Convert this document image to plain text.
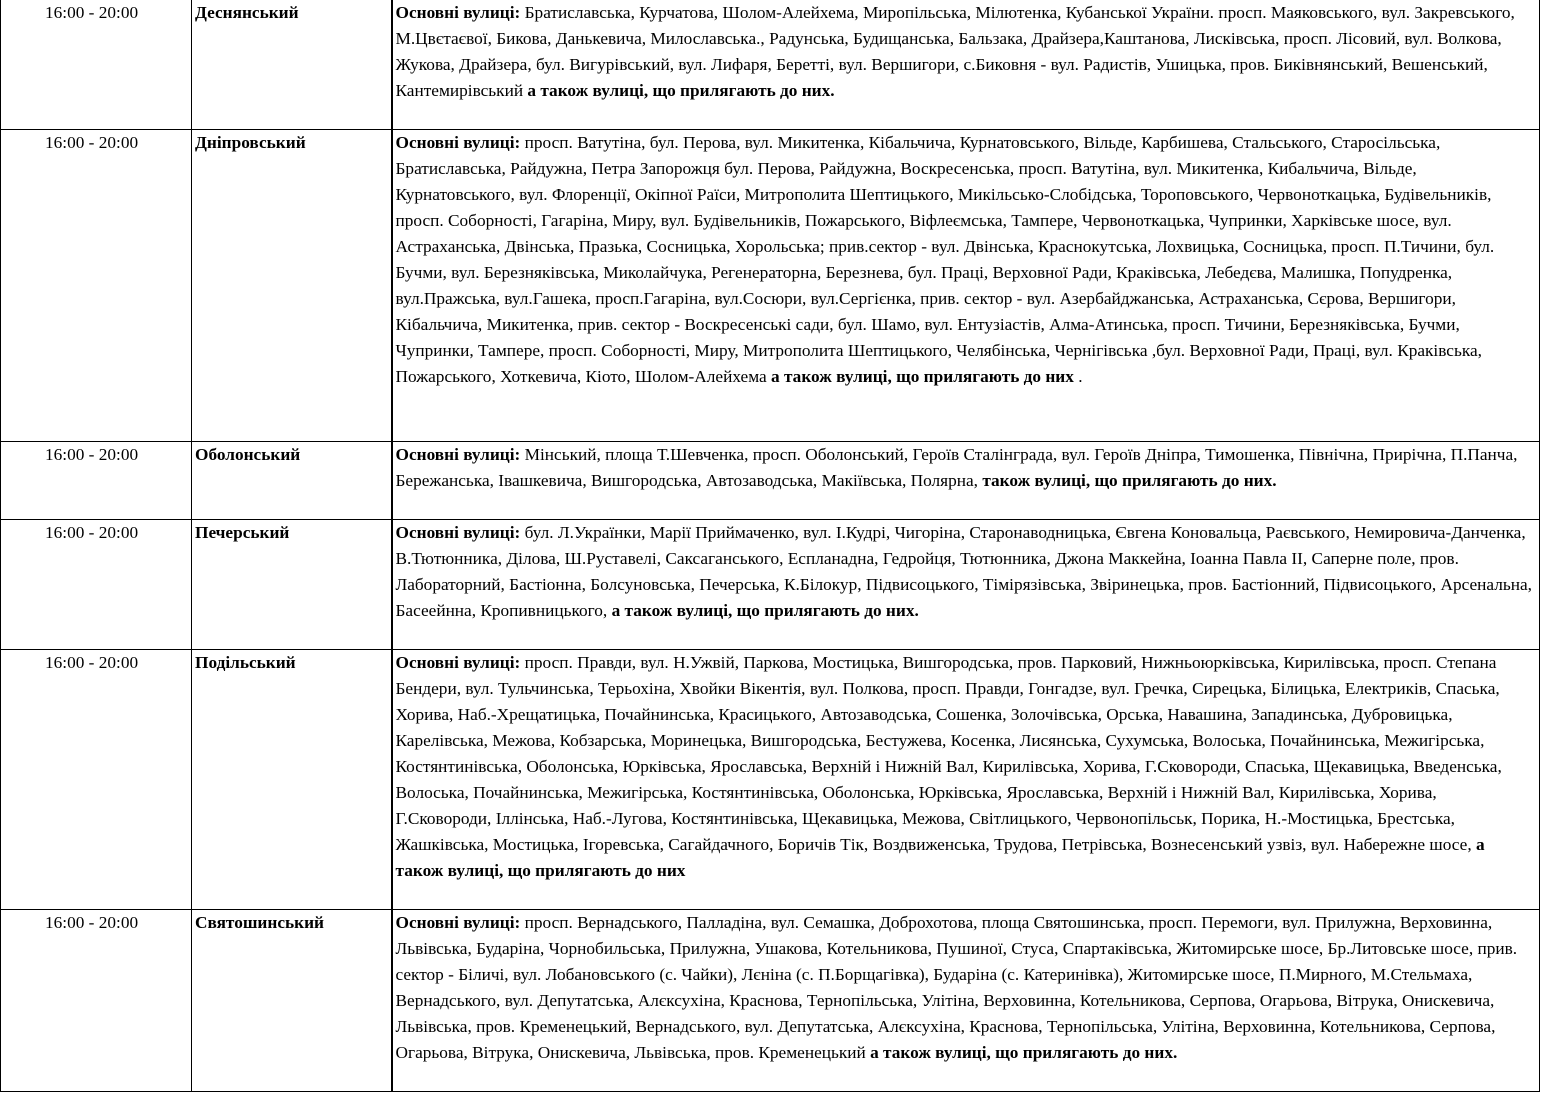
16:00 - 20:00	Деснянський	Основні вулиці: Братиславська, Курчатова, Шолом-Алейхема, Миропільська, Мілютенка, Кубанської України. просп. Маяковського, вул. Закревського, М.Цвєтаєвої, Бикова, Данькевича, Милославська., Радунська, Будищанська, Бальзака, Драйзера,Каштанова, Лисківська, просп. Лісовий, вул. Волкова, Жукова, Драйзера, бул. Вигурівський, вул. Лифаря, Беретті, вул. Вершигори, с.Биковня - вул. Радистів, Ушицька, пров. Биківнянський, Вешенський, Кантемирівський а також вулиці, що прилягають до них.
16:00 - 20:00	Дніпровський	Основні вулиці: просп. Ватутіна, бул. Перова, вул. Микитенка, Кібальчича, Курнатовського, Вільде, Карбишева, Стальського, Старосільська, Братиславська, Райдужна, Петра Запорожця бул. Перова, Райдужна, Воскресенська, просп. Ватутіна, вул. Микитенка, Кибальчича, Вільде, Курнатовського, вул. Флоренції, Окіпної Раїси, Митрополита Шептицького, Микільсько-Слобідська, Тороповського, Червоноткацька, Будівельників, просп. Соборності, Гагаріна, Миру, вул. Будівельників, Пожарського, Віфлеємська, Тампере, Червоноткацька, Чупринки, Харківське шосе, вул. Астраханська, Двінська, Празька, Сосницька, Хорольська; прив.сектор - вул. Двінська, Краснокутська, Лохвицька, Сосницька, просп. П.Тичини, бул. Бучми, вул. Березняківська, Миколайчука, Регенераторна, Березнева, бул. Праці, Верховної Ради, Краківська, Лебедєва, Малишка, Попудренка, вул.Пражська, вул.Гашека, просп.Гагаріна, вул.Сосюри, вул.Сергієнка, прив. сектор - вул. Азербайджанська, Астраханська, Сєрова, Вершигори, Кібальчича, Микитенка, прив. сектор - Воскресенські сади, бул. Шамо, вул. Ентузіастів, Алма-Атинська, просп. Тичини, Березняківська, Бучми, Чупринки, Тампере, просп. Соборності, Миру, Митрополита Шептицького, Челябінська, Чернігівська ,бул. Верховної Ради, Праці, вул. Краківська, Пожарського, Хоткевича, Кіото, Шолом-Алейхема а також вулиці, що прилягають до них .
16:00 - 20:00	Оболонський	Основні вулиці: Мінський, площа Т.Шевченка, просп. Оболонський, Героїв Сталінграда, вул. Героїв Дніпра, Тимошенка, Північна, Прирічна, П.Панча, Бережанська, Івашкевича, Вишгородська, Автозаводська, Макіївська, Полярна, також вулиці, що прилягають до них.
16:00 - 20:00	Печерський	Основні вулиці: бул. Л.Українки, Марії Приймаченко, вул. І.Кудрі, Чигоріна, Старонаводницька, Євгена Коновальца, Раєвського, Немировича-Данченка, В.Тютюнника, Ділова, Ш.Руставелі, Саксаганського, Еспланадна, Гедройця, Тютюнника, Джона Маккейна, Іоанна Павла ІІ, Саперне поле, пров. Лабораторний, Бастіонна, Болсуновська, Печерська, К.Білокур, Підвисоцького, Тімірязівська, Звіринецька, пров. Бастіонний, Підвисоцького, Арсенальна, Басеейнна, Кропивницького, а також вулиці, що прилягають до них.
16:00 - 20:00	Подільський	Основні вулиці: просп. Правди, вул. Н.Ужвій, Паркова, Мостицька, Вишгородська, пров. Парковий, Нижньоюрківська, Кирилівська, просп. Степана Бендери, вул. Тульчинська, Терьохіна, Хвойки Вікентія, вул. Полкова, просп. Правди, Гонгадзе, вул. Гречка, Сирецька, Білицька, Електриків, Спаська, Хорива, Наб.-Хрещатицька, Почайнинська, Красицького, Автозаводська, Сошенка, Золочівська, Орська, Навашина, Западинська, Дубровицька, Карелівська, Межова, Кобзарська, Моринецька, Вишгородська, Бестужева, Косенка, Лисянська, Сухумська, Волоська, Почайнинська, Межигірська, Костянтинівська, Оболонська, Юрківська, Ярославська, Верхній і Нижній Вал, Кирилівська, Хорива, Г.Сковороди, Спаська, Щекавицька, Введенська, Волоська, Почайнинська, Межигірська, Костянтинівська, Оболонська, Юрківська, Ярославська, Верхній і Нижній Вал, Кирилівська, Хорива, Г.Сковороди, Іллінська, Наб.-Лугова, Костянтинівська, Щекавицька, Межова, Світлицького, Червонопільськ, Порика, Н.-Мостицька, Брестська, Жашківська, Мостицька, Ігоревська, Сагайдачного, Боричів Тік, Воздвиженська, Трудова, Петрівська, Вознесенський узвіз, вул. Набережне шосе, а також вулиці, що прилягають до них
16:00 - 20:00	Святошинський	Основні вулиці: просп. Вернадського, Палладіна, вул. Семашка, Доброхотова, площа Святошинська, просп. Перемоги, вул. Прилужна, Верховинна, Львівська, Бударіна, Чорнобильська, Прилужна, Ушакова, Котельникова, Пушиної, Стуса, Спартаківська, Житомирське шосе, Бр.Литовське шосе, прив. сектор - Біличі, вул. Лобановського (с. Чайки), Лєніна (с. П.Борщагівка), Бударіна (с. Катеринівка), Житомирське шосе, П.Мирного, М.Стельмаха, Вернадського, вул. Депутатська, Алєксухіна, Краснова, Тернопільська, Улітіна, Верховинна, Котельникова, Серпова, Огарьова, Вітрука, Онискевича, Львівська, пров. Кременецький, Вернадського, вул. Депутатська, Алєксухіна, Краснова, Тернопільська, Улітіна, Верховинна, Котельникова, Серпова, Огарьова, Вітрука, Онискевича, Львівська, пров. Кременецький а також вулиці, що прилягають до них.
